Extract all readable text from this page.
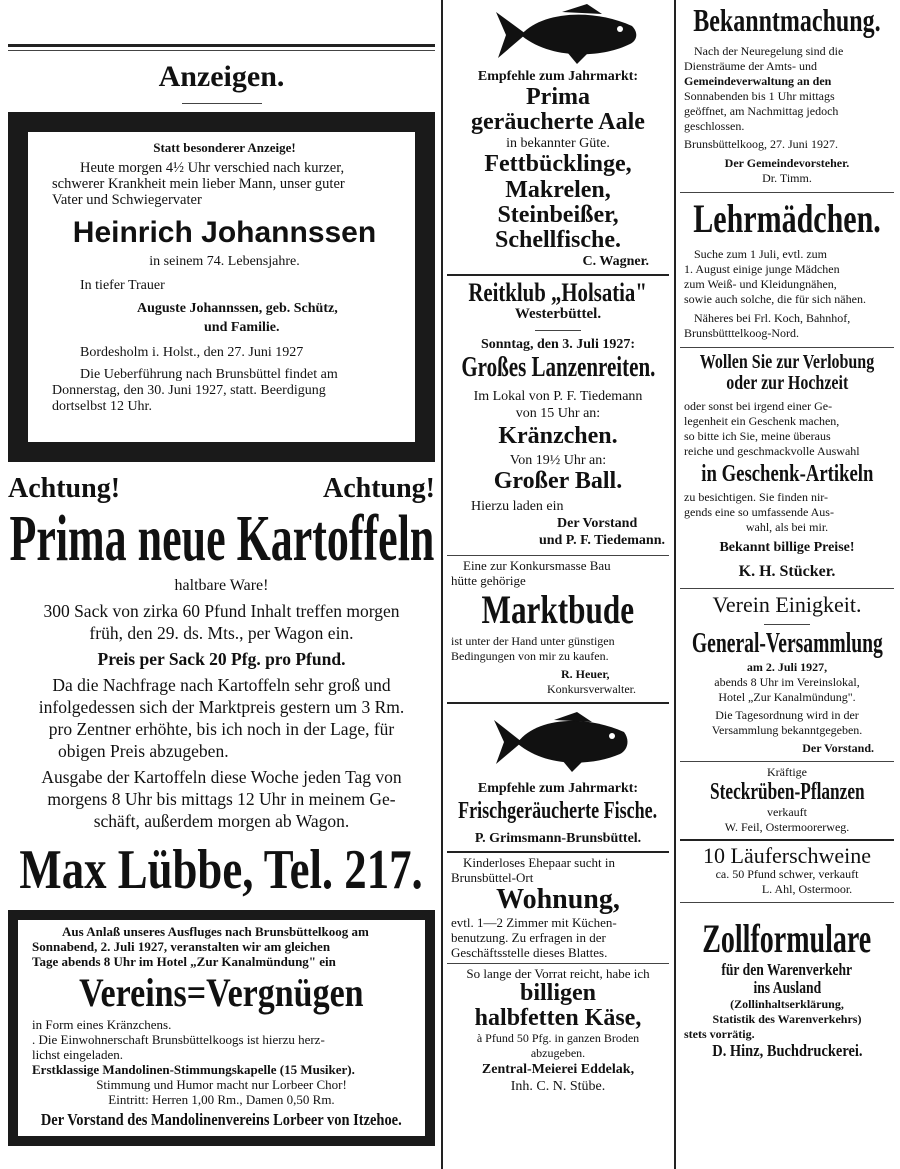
Anzeigen.
Statt besonderer Anzeige!
Heute morgen 4½ Uhr verschied nach kurzer,
schwerer Krankheit mein lieber Mann, unser guter
Vater und Schwiegervater
Heinrich Johannssen
in seinem 74. Lebensjahre.
In tiefer Trauer
Auguste Johannssen, geb. Schütz,
und Familie.
Bordesholm i. Holst., den 27. Juni 1927
Die Ueberführung nach Brunsbüttel findet am
Donnerstag, den 30. Juni 1927, statt. Beerdigung
dortselbst 12 Uhr.
Achtung!	Achtung!
Prima neue Kartoffeln
haltbare Ware!
300 Sack von zirka 60 Pfund Inhalt treffen morgen
früh, den 29. ds. Mts., per Wagon ein.
Preis per Sack 20 Pfg. pro Pfund.
Da die Nachfrage nach Kartoffeln sehr groß und
infolgedessen sich der Marktpreis gestern um 3 Rm.
pro Zentner erhöhte, bis ich noch in der Lage, für
obigen Preis abzugeben.
Ausgabe der Kartoffeln diese Woche jeden Tag von
morgens 8 Uhr bis mittags 12 Uhr in meinem Ge-
schäft, außerdem morgen ab Wagon.
Max Lübbe, Tel. 217.
Aus Anlaß unseres Ausfluges nach Brunsbüttelkoog am
Sonnabend, 2. Juli 1927, veranstalten wir am gleichen
Tage abends 8 Uhr im Hotel „Zur Kanalmündung" ein
Vereins=Vergnügen
in Form eines Kränzchens.
. Die Einwohnerschaft Brunsbüttelkoogs ist hierzu herz-
lichst eingeladen.
Erstklassige Mandolinen-Stimmungskapelle (15 Musiker).
Stimmung und Humor macht nur Lorbeer Chor!
Eintritt: Herren 1,00 Rm., Damen 0,50 Rm.
Der Vorstand des Mandolinenvereins Lorbeer von Itzehoe.
Empfehle zum Jahrmarkt:
Prima
geräucherte Aale
in bekannter Güte.
Fettbücklinge,
Makrelen,
Steinbeißer,
Schellfische.
C. Wagner.
Reitklub „Holsatia"
Westerbüttel.
Sonntag, den 3. Juli 1927:
Großes Lanzenreiten.
Im Lokal von P. F. Tiedemann
von 15 Uhr an:
Kränzchen.
Von 19½ Uhr an:
Großer Ball.
Hierzu laden ein
Der Vorstand
und P. F. Tiedemann.
Eine zur Konkursmasse Bau
hütte gehörige
Marktbude
ist unter der Hand unter günstigen
Bedingungen von mir zu kaufen.
R. Heuer,
Konkursverwalter.
Empfehle zum Jahrmarkt:
Frischgeräucherte Fische.
P. Grimsmann-Brunsbüttel.
Kinderloses Ehepaar sucht in
Brunsbüttel-Ort
Wohnung,
evtl. 1—2 Zimmer mit Küchen-
benutzung. Zu erfragen in der
Geschäftsstelle dieses Blattes.
So lange der Vorrat reicht, habe ich
billigen
halbfetten Käse,
à Pfund 50 Pfg. in ganzen Broden
abzugeben.
Zentral-Meierei Eddelak,
Inh. C. N. Stübe.
Bekanntmachung.
Nach der Neuregelung sind die
Diensträume der Amts- und
Gemeindeverwaltung an den
Sonnabenden bis 1 Uhr mittags
geöffnet, am Nachmittag jedoch
geschlossen.
Brunsbüttelkoog, 27. Juni 1927.
Der Gemeindevorsteher.
Dr. Timm.
Lehrmädchen.
Suche zum 1 Juli, evtl. zum
1. August einige junge Mädchen
zum Weiß- und Kleidungnähen,
sowie auch solche, die für sich nähen.
Näheres bei Frl. Koch, Bahnhof,
Brunsbütttelkoog-Nord.
Wollen Sie zur Verlobung
oder zur Hochzeit
oder sonst bei irgend einer Ge-
legenheit ein Geschenk machen,
so bitte ich Sie, meine überaus
reiche und geschmackvolle Auswahl
in Geschenk-Artikeln
zu besichtigen. Sie finden nir-
gends eine so umfassende Aus-
wahl, als bei mir.
Bekannt billige Preise!
K. H. Stücker.
Verein Einigkeit.
General-Versammlung
am 2. Juli 1927,
abends 8 Uhr im Vereinslokal,
Hotel „Zur Kanalmündung".
Die Tagesordnung wird in der
Versammlung bekanntgegeben.
Der Vorstand.
Kräftige
Steckrüben-Pflanzen
verkauft
W. Feil, Ostermoorerweg.
10 Läuferschweine
ca. 50 Pfund schwer, verkauft
L. Ahl, Ostermoor.
Zollformulare
für den Warenverkehr
ins Ausland
(Zollinhaltserklärung,
Statistik des Warenverkehrs)
stets vorrätig.
D. Hinz, Buchdruckerei.
